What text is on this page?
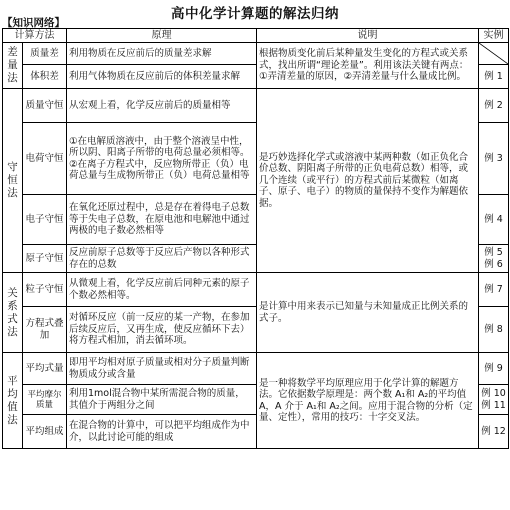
高中化学计算题的解法归纳
【知识网络】
计算方法		原理	说明	实例
差量法	质量差	利用物质在反应前后的质量差求解	根据物质变化前后某种量发生变化的方程式或关系式，找出所谓“理论差量”。利用该法关键有两点：①弄清差量的原因，②弄清差量与什么量成比例。	

	体积差	利用气体物质在反应前后的体积差量求解		例 1
守恒法	质量守恒	从宏观上看，化学反应前后的质量相等	是巧妙选择化学式或溶液中某两种数（如正负化合价总数、阴阳离子所带的正负电荷总数）相等，或几个连续（或平行）的方程式前后某微粒（如离子、原子、电子）的物质的量保持不变作为解题依据。	例 2
	电荷守恒	①在电解质溶液中，由于整个溶液呈中性，所以阴、阳离子所带的电荷总量必须相等。②在离子方程式中，反应物所带正（负）电荷总量与生成物所带正（负）电荷总量相等		例 3
	电子守恒	在氧化还原过程中，总是存在着得电子总数等于失电子总数，在原电池和电解池中通过两极的电子数必然相等		例 4
	原子守恒	反应前原子总数等于反应后产物以各种形式存在的总数		例 5 例 6
关系式法	粒子守恒	从微观上看，化学反应前后同种元素的原子个数必然相等。	是计算中用来表示已知量与未知量成正比例关系的式子。	例 7
	方程式叠加	对循环反应（前一反应的某一产物，在参加后续反应后，又再生成，使反应循环下去）将方程式相加，消去循环项。		例 8
平均值法	平均式量	即用平均相对原子质量或相对分子质量判断物质成分或含量	是一种将数学平均原理应用于化学计算的解题方法。它依据数学原理是：两个数 A₁和 A₂的平均值 A，A 介于 A₁和 A₂之间。应用于混合物的分析（定量、定性），常用的技巧：十字交叉法。	例 9
	平均摩尔质量	利用1mol混合物中某所需混合物的质量，其值介于两组分之间		例 10 例 11
	平均组成	在混合物的计算中，可以把平均组成作为中介，以此讨论可能的组成		例 12
